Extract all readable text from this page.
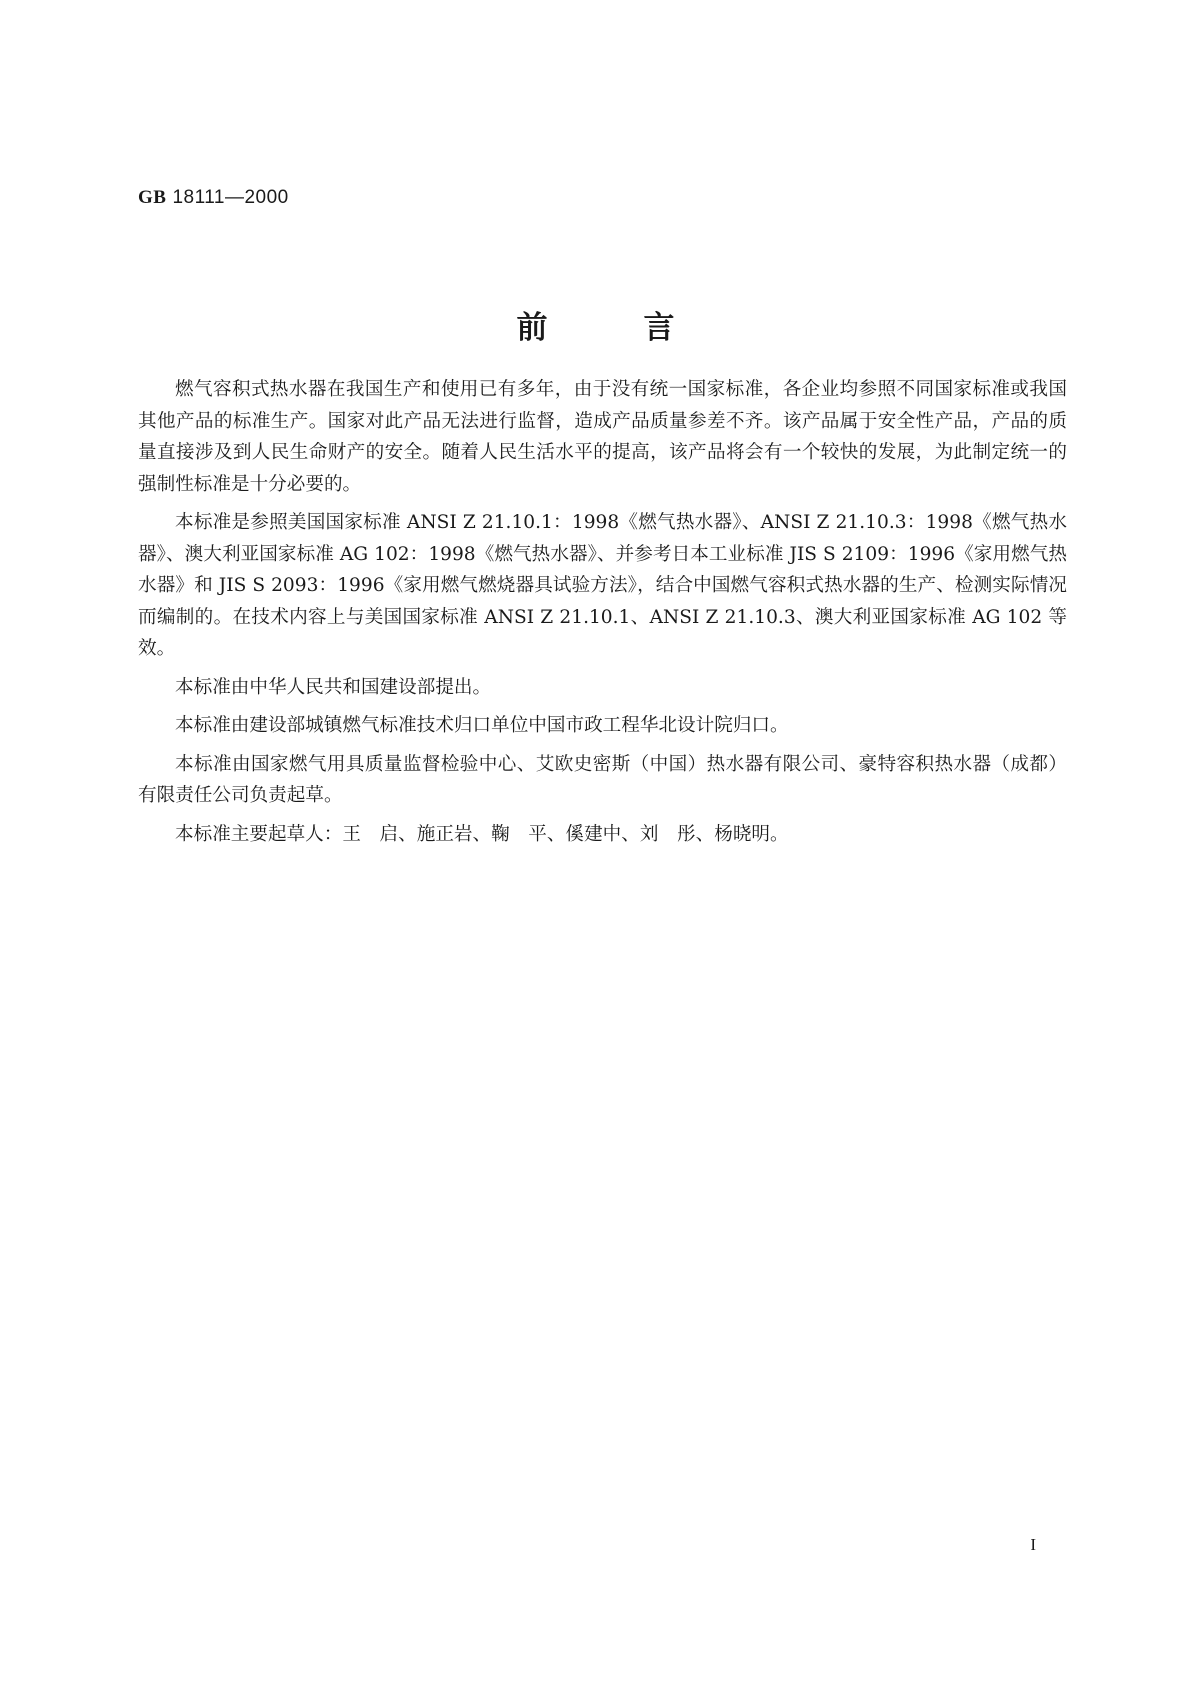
GB 18111—2000
前言

燃气容积式热水器在我国生产和使用已有多年，由于没有统一国家标准，各企业均参照不同国家标准或我国其他产品的标准生产。国家对此产品无法进行监督，造成产品质量参差不齐。该产品属于安全性产品，产品的质量直接涉及到人民生命财产的安全。随着人民生活水平的提高，该产品将会有一个较快的发展，为此制定统一的强制性标准是十分必要的。

本标准是参照美国国家标准 ANSI Z 21.10.1：1998《燃气热水器》、ANSI Z 21.10.3：1998《燃气热水器》、澳大利亚国家标准 AG 102：1998《燃气热水器》、并参考日本工业标准 JIS S 2109：1996《家用燃气热水器》和 JIS S 2093：1996《家用燃气燃烧器具试验方法》，结合中国燃气容积式热水器的生产、检测实际情况而编制的。在技术内容上与美国国家标准 ANSI Z 21.10.1、ANSI Z 21.10.3、澳大利亚国家标准 AG 102 等效。

本标准由中华人民共和国建设部提出。

本标准由建设部城镇燃气标准技术归口单位中国市政工程华北设计院归口。

本标准由国家燃气用具质量监督检验中心、艾欧史密斯（中国）热水器有限公司、豪特容积热水器（成都）有限责任公司负责起草。

本标准主要起草人：王　启、施正岩、鞠　平、傒建中、刘　彤、杨晓明。

I
